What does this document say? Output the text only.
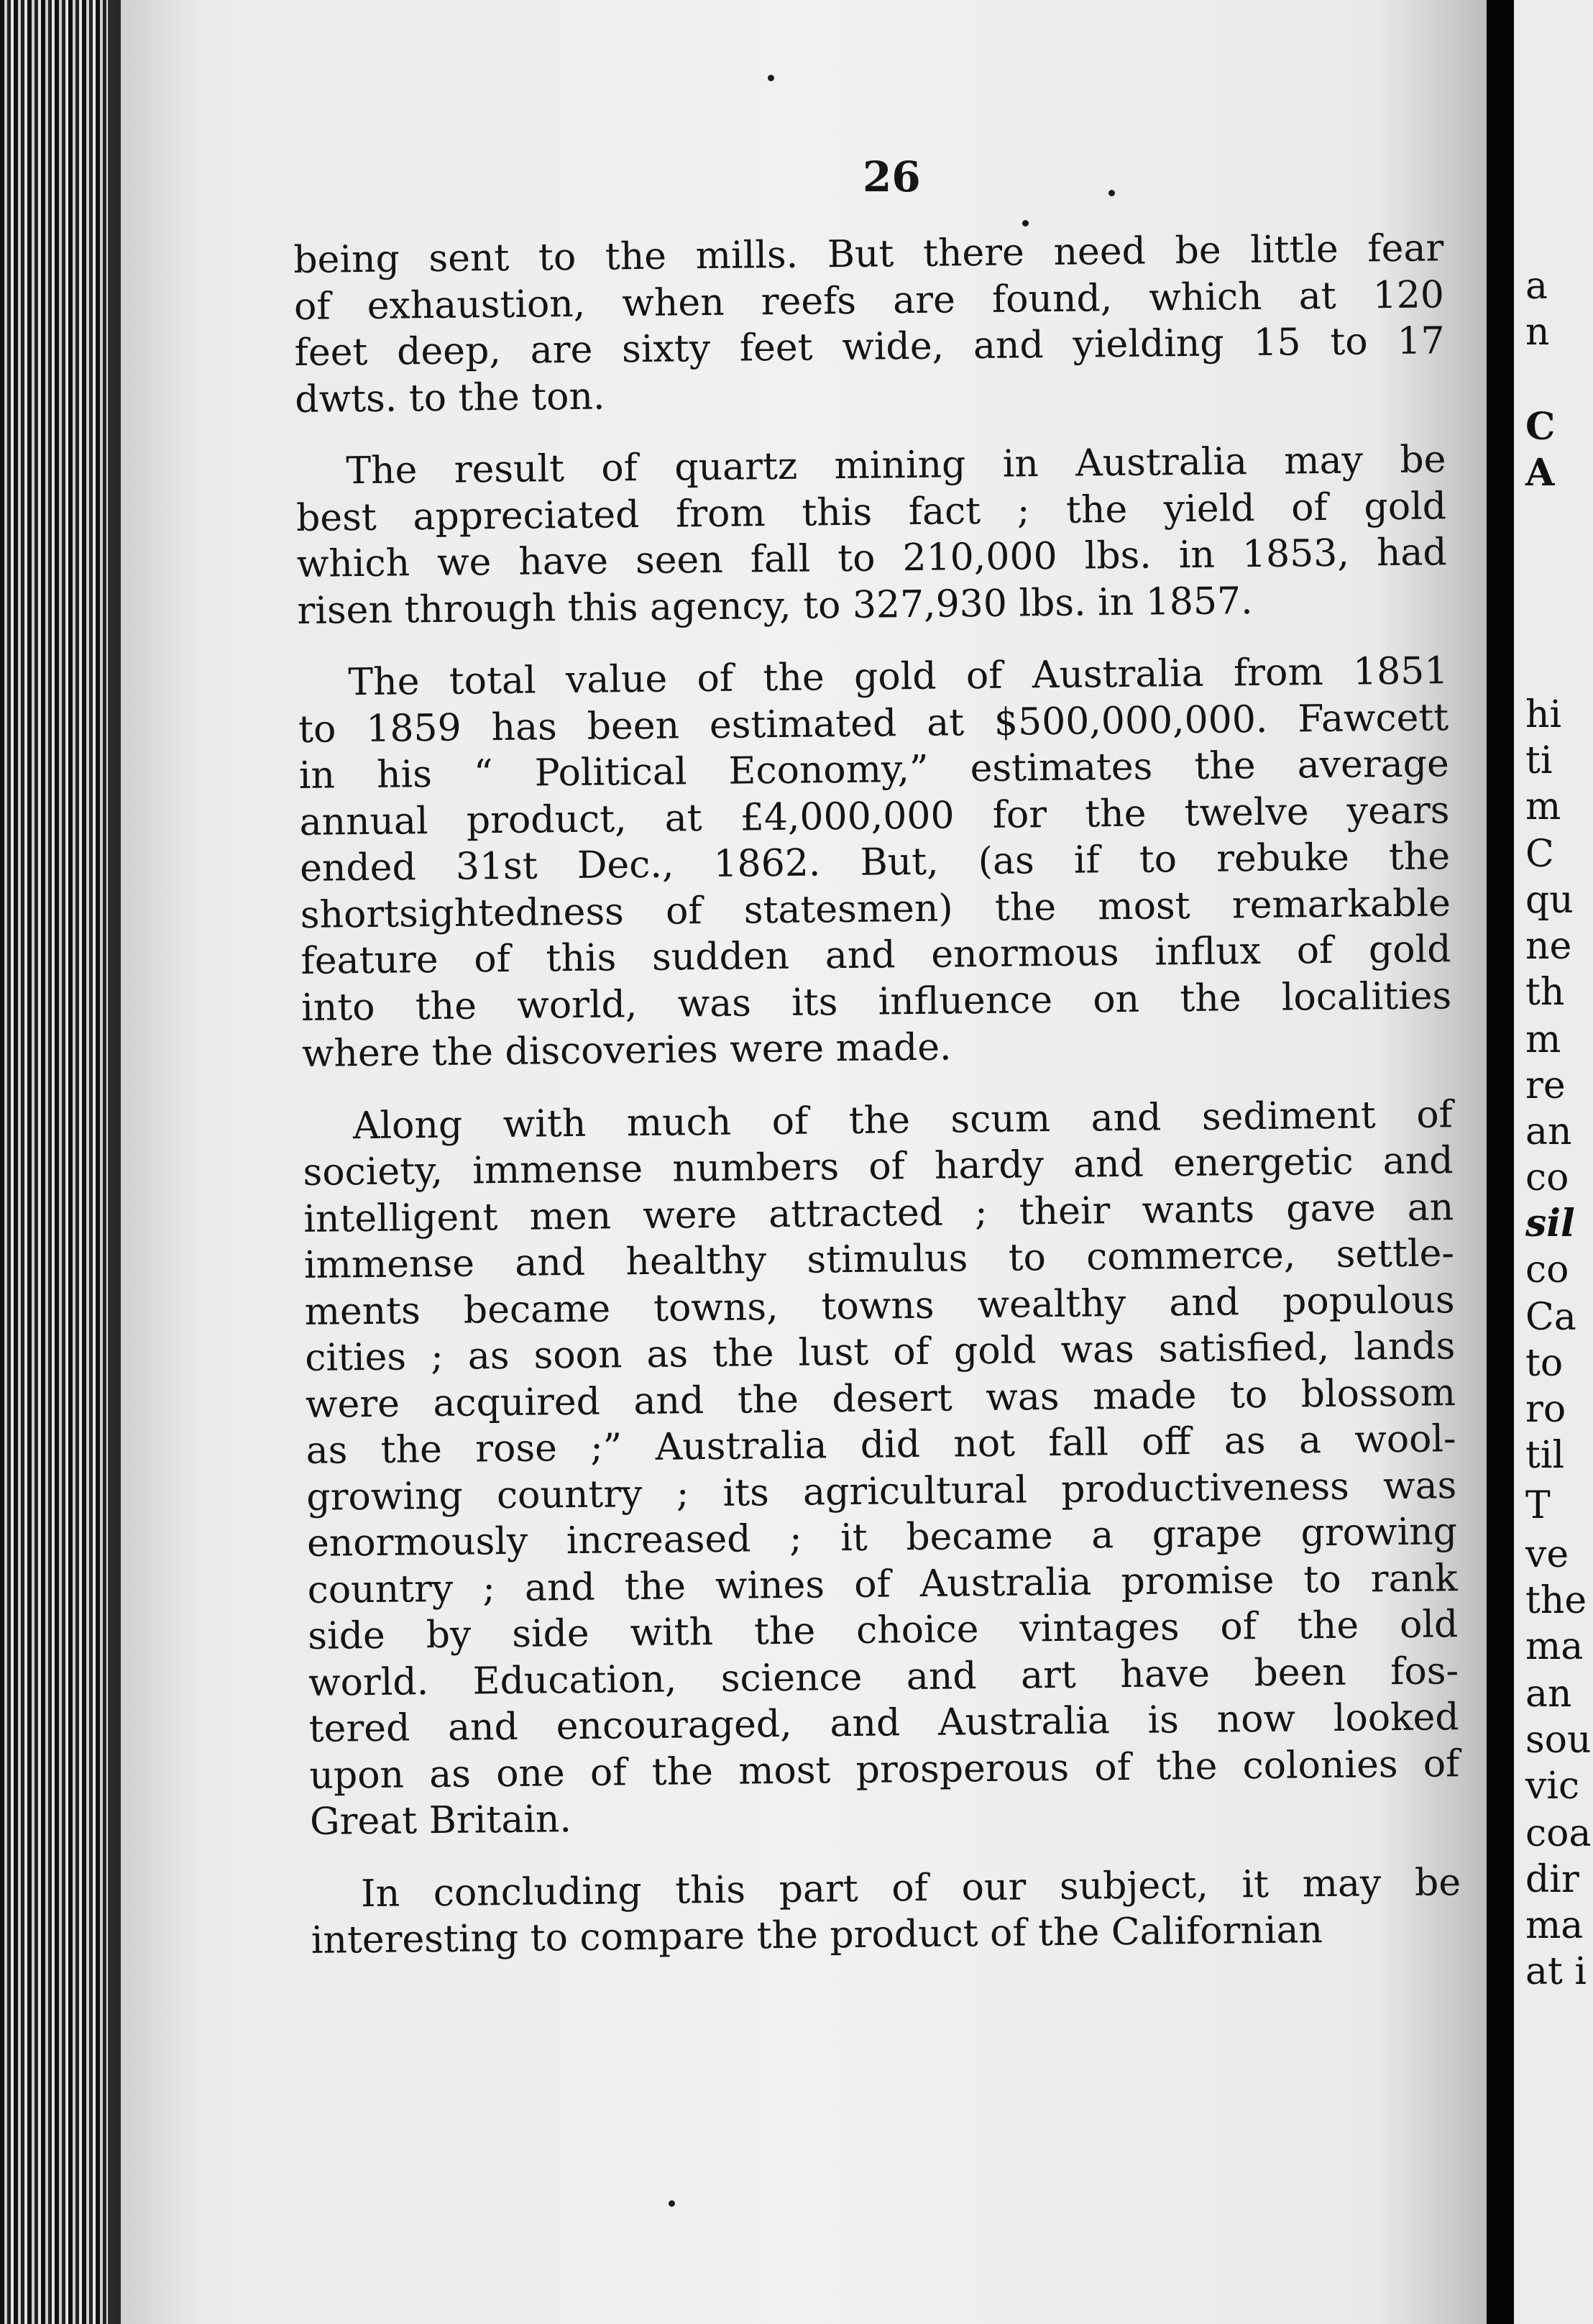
a
n
C
A
hi
ti
m
C
qu
ne
th
m
re
an
co
sil
co
Ca
to
ro
til
T
ve
the
ma
an
sou
vic
coa
dir
ma
at i
26
being sent to the mills. But there need be little fear
of exhaustion, when reefs are found, which at 120
feet deep, are sixty feet wide, and yielding 15 to 17
dwts. to the ton.
The result of quartz mining in Australia may be
best appreciated from this fact ; the yield of gold
which we have seen fall to 210,000 lbs. in 1853, had
risen through this agency, to 327,930 lbs. in 1857.
The total value of the gold of Australia from 1851
to 1859 has been estimated at $500,000,000. Fawcett
in his “ Political Economy,” estimates the average
annual product, at £4,000,000 for the twelve years
ended 31st Dec., 1862. But, (as if to rebuke the
shortsightedness of statesmen) the most remarkable
feature of this sudden and enormous influx of gold
into the world, was its influence on the localities
where the discoveries were made.
Along with much of the scum and sediment of
society, immense numbers of hardy and energetic and
intelligent men were attracted ; their wants gave an
immense and healthy stimulus to commerce, settle-
ments became towns, towns wealthy and populous
cities ; as soon as the lust of gold was satisfied, lands
were acquired and the desert was made to blossom
as the rose ;” Australia did not fall off as a wool-
growing country ; its agricultural productiveness was
enormously increased ; it became a grape growing
country ; and the wines of Australia promise to rank
side by side with the choice vintages of the old
world. Education, science and art have been fos-
tered and encouraged, and Australia is now looked
upon as one of the most prosperous of the colonies of
Great Britain.
In concluding this part of our subject, it may be
interesting to compare the product of the Californian
